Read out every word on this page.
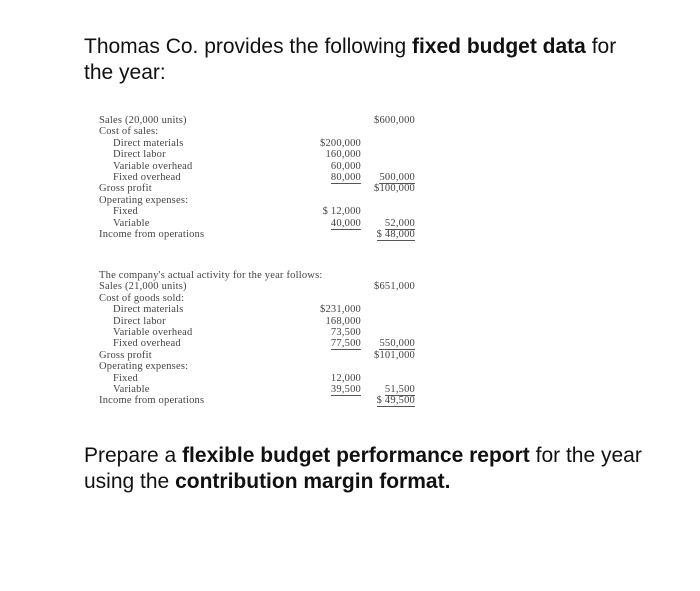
Thomas Co. provides the following fixed budget data for the year:

Sales (20,000 units)	$600,000
Cost of sales:
Direct materials	$200,000
Direct labor	160,000
Variable overhead	60,000
Fixed overhead	80,000	500,000
Gross profit	$100,000
Operating expenses:
Fixed	$ 12,000
Variable	40,000	52,000
Income from operations	$ 48,000
The company's actual activity for the year follows:
Sales (21,000 units)	$651,000
Cost of goods sold:
Direct materials	$231,000
Direct labor	168,000
Variable overhead	73,500
Fixed overhead	77,500	550,000
Gross profit	$101,000
Operating expenses:
Fixed	12,000
Variable	39,500	51,500
Income from operations	$ 49,500

Prepare a flexible budget performance report for the year using the contribution margin format.
